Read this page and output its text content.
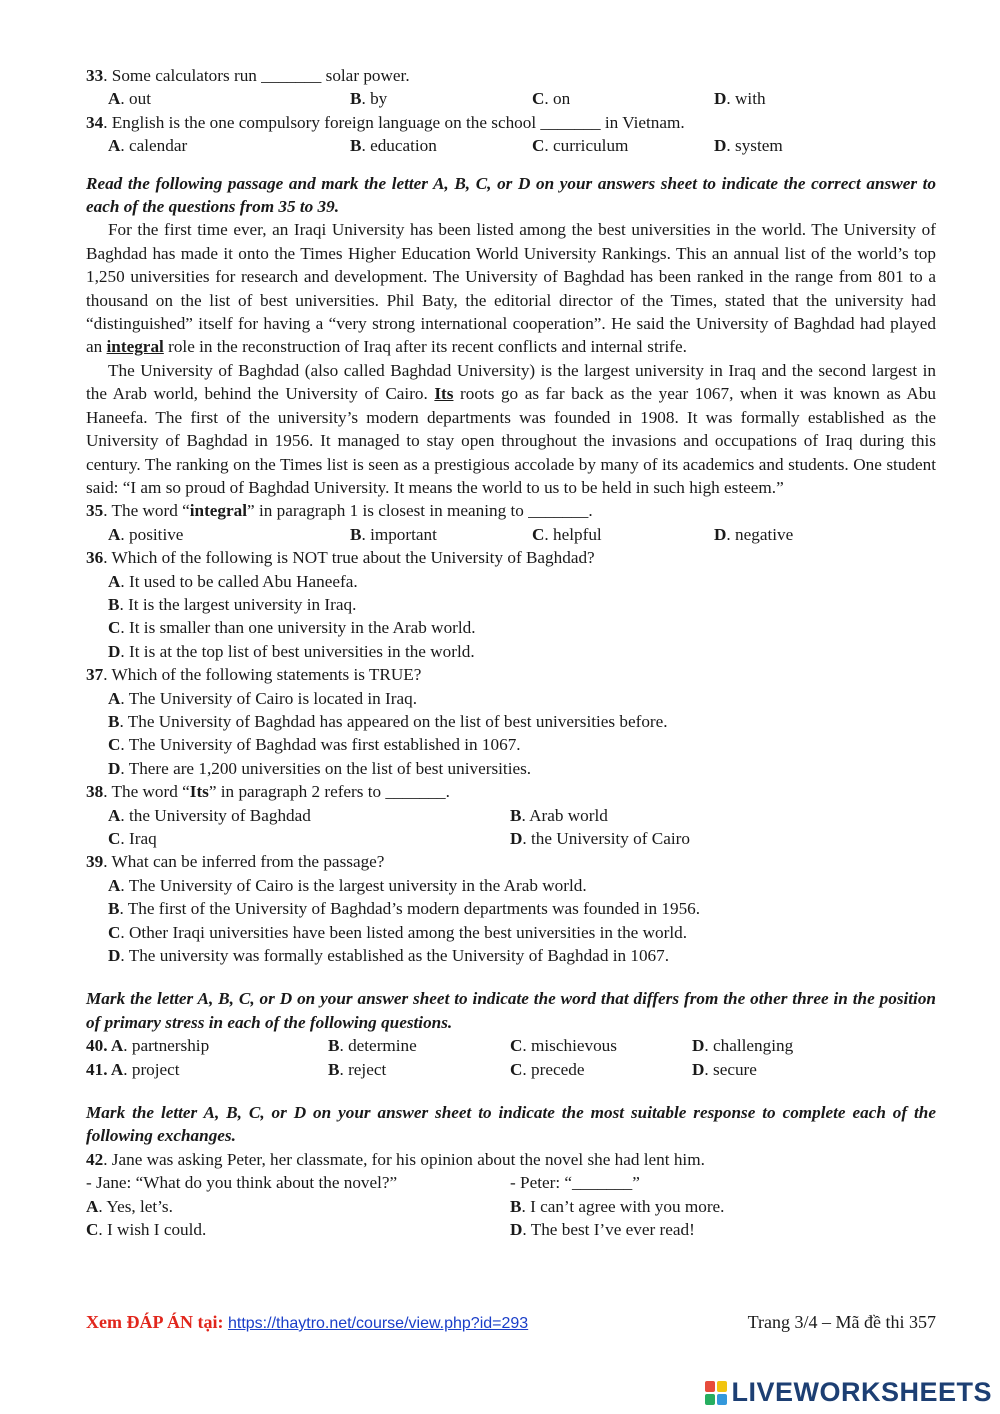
33. Some calculators run _______ solar power.
A. out	B. by	C. on	D. with
34. English is the one compulsory foreign language on the school _______ in Vietnam.
A. calendar	B. education	C. curriculum	D. system
Read the following passage and mark the letter A, B, C, or D on your answers sheet to indicate the correct answer to each of the questions from 35 to 39.
For the first time ever, an Iraqi University has been listed among the best universities in the world. The University of Baghdad has made it onto the Times Higher Education World University Rankings. This an annual list of the world’s top 1,250 universities for research and development. The University of Baghdad has been ranked in the range from 801 to a thousand on the list of best universities. Phil Baty, the editorial director of the Times, stated that the university had “distinguished” itself for having a “very strong international cooperation”. He said the University of Baghdad had played an integral role in the reconstruction of Iraq after its recent conflicts and internal strife.
The University of Baghdad (also called Baghdad University) is the largest university in Iraq and the second largest in the Arab world, behind the University of Cairo. Its roots go as far back as the year 1067, when it was known as Abu Haneefa. The first of the university’s modern departments was founded in 1908. It was formally established as the University of Baghdad in 1956. It managed to stay open throughout the invasions and occupations of Iraq during this century. The ranking on the Times list is seen as a prestigious accolade by many of its academics and students. One student said: “I am so proud of Baghdad University. It means the world to us to be held in such high esteem.”
35. The word “integral” in paragraph 1 is closest in meaning to _______.
A. positive	B. important	C. helpful	D. negative
36. Which of the following is NOT true about the University of Baghdad?
A. It used to be called Abu Haneefa.
B. It is the largest university in Iraq.
C. It is smaller than one university in the Arab world.
D. It is at the top list of best universities in the world.
37. Which of the following statements is TRUE?
A. The University of Cairo is located in Iraq.
B. The University of Baghdad has appeared on the list of best universities before.
C. The University of Baghdad was first established in 1067.
D. There are 1,200 universities on the list of best universities.
38. The word “Its” in paragraph 2 refers to _______.
A. the University of Baghdad	B. Arab world
C. Iraq	D. the University of Cairo
39. What can be inferred from the passage?
A. The University of Cairo is the largest university in the Arab world.
B. The first of the University of Baghdad’s modern departments was founded in 1956.
C. Other Iraqi universities have been listed among the best universities in the world.
D. The university was formally established as the University of Baghdad in 1067.
Mark the letter A, B, C, or D on your answer sheet to indicate the word that differs from the other three in the position of primary stress in each of the following questions.
40. A. partnership	B. determine	C. mischievous	D. challenging
41. A. project	B. reject	C. precede	D. secure
Mark the letter A, B, C, or D on your answer sheet to indicate the most suitable response to complete each of the following exchanges.
42. Jane was asking Peter, her classmate, for his opinion about the novel she had lent him.
- Jane: “What do you think about the novel?”	- Peter: “_______”
A. Yes, let’s.	B. I can’t agree with you more.
C. I wish I could.	D. The best I’ve ever read!
Xem ĐÁP ÁN tại: https://thaytro.net/course/view.php?id=293	Trang 3/4 – Mã đề thi 357
LIVEWORKSHEETS
